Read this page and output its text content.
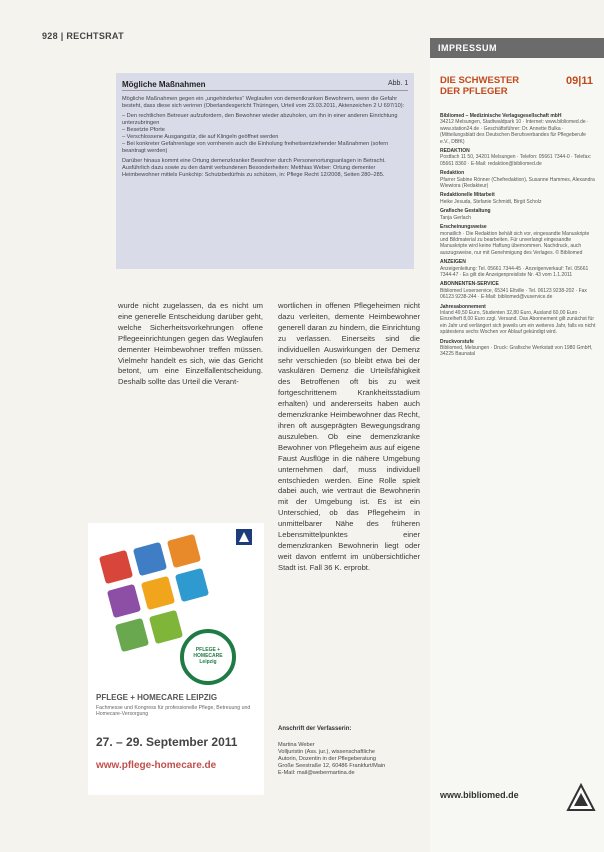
928 | RECHTSRAT
IMPRESSUM
DIE SCHWESTER
DER PFLEGER
09|11
Bibliomed – Medizinische Verlagsgesellschaft mbH
34212 Melsungen, Stadtwaldpark 10 · Internet: www.bibliomed.de · www.station24.de · Geschäftsführer: Dr. Annette Bulka · (Mitteilungsblatt des Deutschen Berufsverbandes für Pflegeberufe e.V., DBfK)
REDAKTION
Postfach 11 50, 34201 Melsungen · Telefon: 05661 7344-0 · Telefax: 05661 8360 · E-Mail: redaktion@bibliomed.de
Redaktion
Pfarrer Sabine Rönner (Chefredaktion), Susanne Hammes, Alexandra Wiewiora (Redakteur)
Redaktionelle Mitarbeit
Heike Jesuda, Stefanie Schmidt, Birgit Scholz
Grafische Gestaltung
Tanja Gerlach
Erscheinungsweise
monatlich · Die Redaktion behält sich vor, eingesandte Manuskripte und Bildmaterial zu bearbeiten. Für unverlangt eingesandte Manuskripte wird keine Haftung übernommen. Nachdruck, auch auszugsweise, nur mit Genehmigung des Verlages. © Bibliomed
ANZEIGEN
Anzeigenleitung: Tel. 05661 7344-45 · Anzeigenverkauf: Tel. 05661 7344-47 · Es gilt die Anzeigenpreisliste Nr. 43 vom 1.1.2011
ABONNENTEN-SERVICE
Bibliomed Leserservice, 65341 Eltville · Tel. 06123 9238-202 · Fax 06123 9238-244 · E-Mail: bibliomed@vuservice.de
Jahresabonnement
Inland 49,50 Euro, Studenten 32,80 Euro, Ausland 60,00 Euro · Einzelheft 8,00 Euro zzgl. Versand. Das Abonnement gilt zunächst für ein Jahr und verlängert sich jeweils um ein weiteres Jahr, falls es nicht spätestens sechs Wochen vor Ablauf gekündigt wird.
Druckvorstufe
Bibliomed, Melsungen · Druck: Grafische Werkstatt von 1980 GmbH, 34225 Baunatal
www.bibliomed.de
Mögliche Maßnahmen	Abb. 1
Mögliche Maßnahmen gegen ein „ungehindertes“ Weglaufen von dementkranken Bewohnern, wenn die Gefahr besteht, dass diese sich verirren (Oberlandesgericht Thüringen, Urteil vom 23.03.2011, Aktenzeichen 2 U 697/10):
– Den rechtlichen Betreuer aufzufordern, den Bewohner wieder abzuholen, um ihn in einer anderen Einrichtung unterzubringen
– Besetzte Pforte
– Verschlossene Ausgangstür, die auf Klingeln geöffnet werden
– Bei konkreter Gefahrenlage von vornherein auch die Einholung freiheitsentziehender Maßnahmen (sofern beantragt werden)
Darüber hinaus kommt eine Ortung demenzkranker Bewohner durch Personenortungsanlagen in Betracht. Ausführlich dazu sowie zu den damit verbundenen Besonderheiten: Metthias Weber: Ortung dementer Heimbewohner mittels Funkchip: Schutzbedürfnis zu schützen, in: Pflege Recht 12/2008, Seiten 280–285.
wurde nicht zugelassen, da es nicht um eine generelle Entscheidung darüber geht, welche Sicherheitsvorkehrungen offene Pflegeeinrichtungen gegen das Weglaufen dementer Heimbewohner treffen müssen. Vielmehr handelt es sich, wie das Gericht betont, um eine Einzelfallentscheidung. Deshalb sollte das Urteil die Verant-
wortlichen in offenen Pflegeheimen nicht dazu verleiten, demente Heimbewohner generell daran zu hindern, die Einrichtung zu verlassen. Einerseits sind die individuellen Auswirkungen der Demenz sehr verschieden (so bleibt etwa bei der vaskulären Demenz die Urteilsfähigkeit des Betroffenen oft bis zu weit fortgeschrittenem Krankheitsstadium erhalten) und andererseits haben auch demenzkranke Heimbewohner das Recht, ihren oft ausgeprägten Bewegungsdrang auszuleben. Ob eine demenzkranke Bewohner von Pflegeheim aus auf eigene Faust Ausflüge in die nähere Umgebung unternehmen darf, muss individuell entschieden werden. Eine Rolle spielt dabei auch, wie vertraut die Bewohnerin mit der Umgebung ist. Es ist ein Unterschied, ob das Pflegeheim in unmittelbarer Nähe des früheren Lebensmittelpunktes einer demenzkranken Bewohnerin liegt oder weit davon entfernt im unübersichtlicher Stadt ist. Fall 36 K. erprobt.
PFLEGE + HOMECARE Leipzig
PFLEGE + HOMECARE LEIPZIG
Fachmesse und Kongress für professionelle Pflege, Betreuung und Homecare-Versorgung
27. – 29. September 2011
www.pflege-homecare.de
Anschrift der Verfasserin:
Martina Weber
Volljuristin (Ass. jur.), wissenschaftliche
Autorin, Dozentin in der Pflegeberatung
Große Seestraße 12, 60486 Frankfurt/Main
E-Mail: mail@webermartina.de
